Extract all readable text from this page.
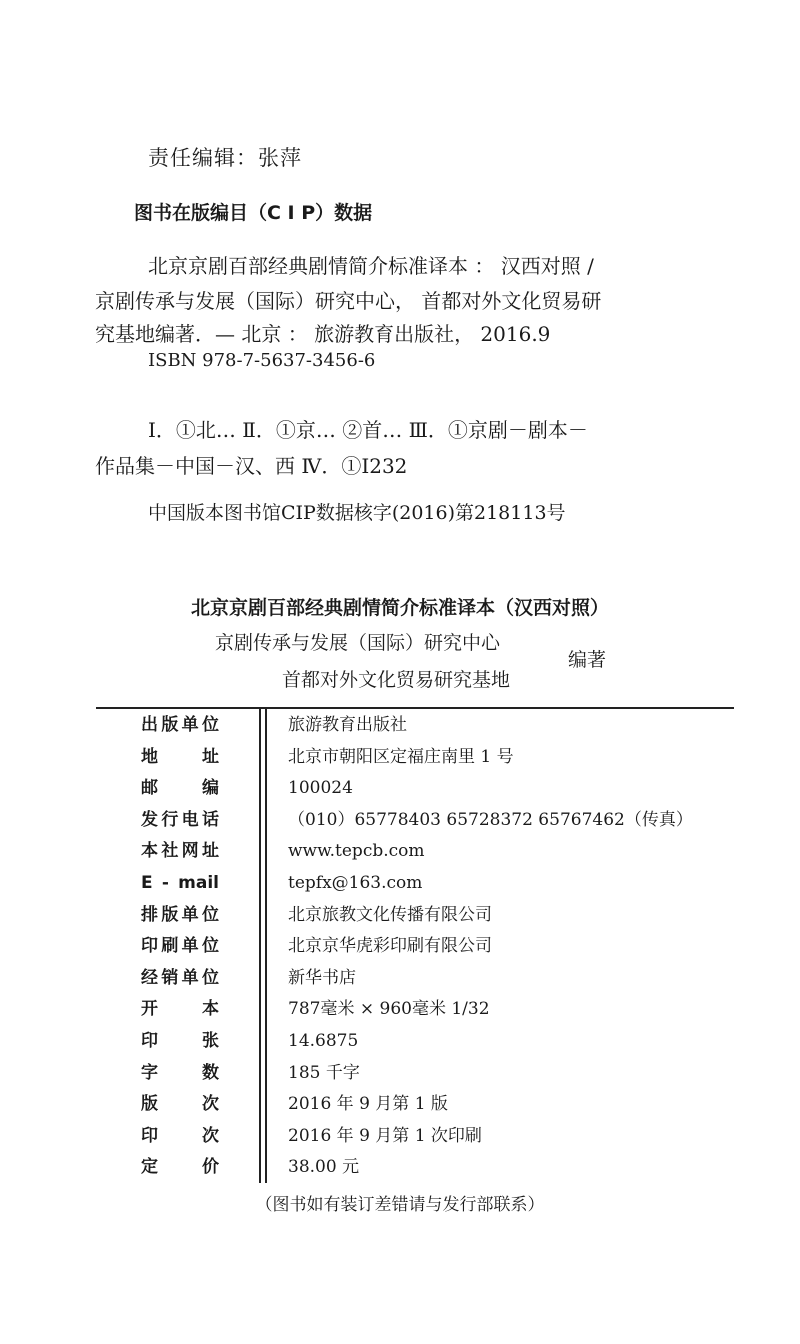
责任编辑：张萍
图书在版编目（C I P）数据
北京京剧百部经典剧情简介标准译本 ： 汉西对照 /
京剧传承与发展（国际）研究中心， 首都对外文化贸易研
究基地编著．— 北京 ： 旅游教育出版社， 2016.9
ISBN 978-7-5637-3456-6
Ⅰ．①北… Ⅱ．①京… ②首… Ⅲ．①京剧－剧本－
作品集－中国－汉、西 Ⅳ．①I232
中国版本图书馆CIP数据核字(2016)第218113号
北京京剧百部经典剧情简介标准译本（汉西对照）
京剧传承与发展（国际）研究中心
首都对外文化贸易研究基地
编著
出版单位	旅游教育出版社
地址	北京市朝阳区定福庄南里 1 号
邮编	100024
发行电话	（010）65778403 65728372 65767462（传真）
本社网址	www.tepcb.com
E - mail	tepfx@163.com
排版单位	北京旅教文化传播有限公司
印刷单位	北京京华虎彩印刷有限公司
经销单位	新华书店
开本	787毫米 × 960毫米 1/32
印张	14.6875
字数	185 千字
版次	2016 年 9 月第 1 版
印次	2016 年 9 月第 1 次印刷
定价	38.00 元
（图书如有装订差错请与发行部联系）
